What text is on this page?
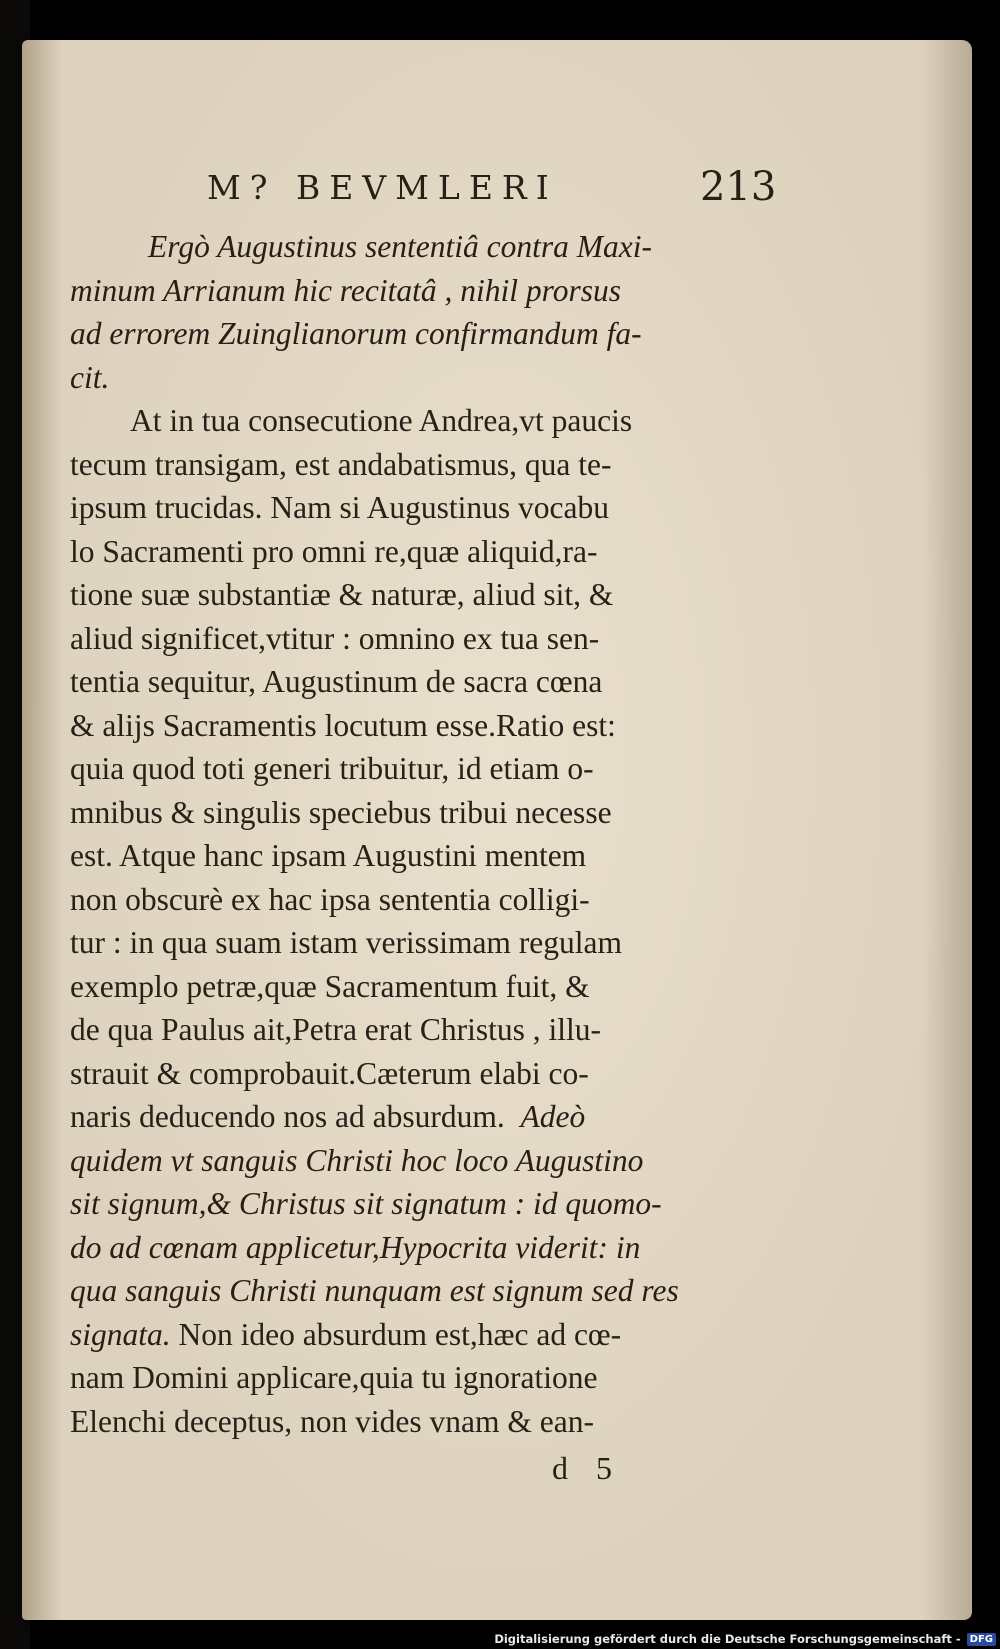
M? BEVMLERI	213
Ergò Augustinus sententiâ contra Maxi-
minum Arrianum hic recitatâ , nihil prorsus
ad errorem Zuinglianorum confirmandum fa-
cit.
At in tua consecutione Andrea,vt paucis
tecum transigam, est andabatismus, qua te-
ipsum trucidas. Nam si Augustinus vocabu
lo Sacramenti pro omni re,quæ aliquid,ra-
tione suæ substantiæ & naturæ, aliud sit, &
aliud significet,vtitur : omnino ex tua sen-
tentia sequitur, Augustinum de sacra cœna
& alijs Sacramentis locutum esse.Ratio est:
quia quod toti generi tribuitur, id etiam o-
mnibus & singulis speciebus tribui necesse
est. Atque hanc ipsam Augustini mentem
non obscurè ex hac ipsa sententia colligi-
tur : in qua suam istam verissimam regulam
exemplo petræ,quæ Sacramentum fuit, &
de qua Paulus ait,Petra erat Christus , illu-
strauit & comprobauit.Cæterum elabi co-
naris deducendo nos ad absurdum.  Adeò
quidem vt sanguis Christi hoc loco Augustino
sit signum,& Christus sit signatum : id quomo-
do ad cœnam applicetur,Hypocrita viderit: in
qua sanguis Christi nunquam est signum sed res
signata. Non ideo absurdum est,hæc ad cœ-
nam Domini applicare,quia tu ignoratione
Elenchi deceptus, non vides vnam & ean-
d 5
Digitalisierung gefördert durch die Deutsche Forschungsgemeinschaft - DFG
